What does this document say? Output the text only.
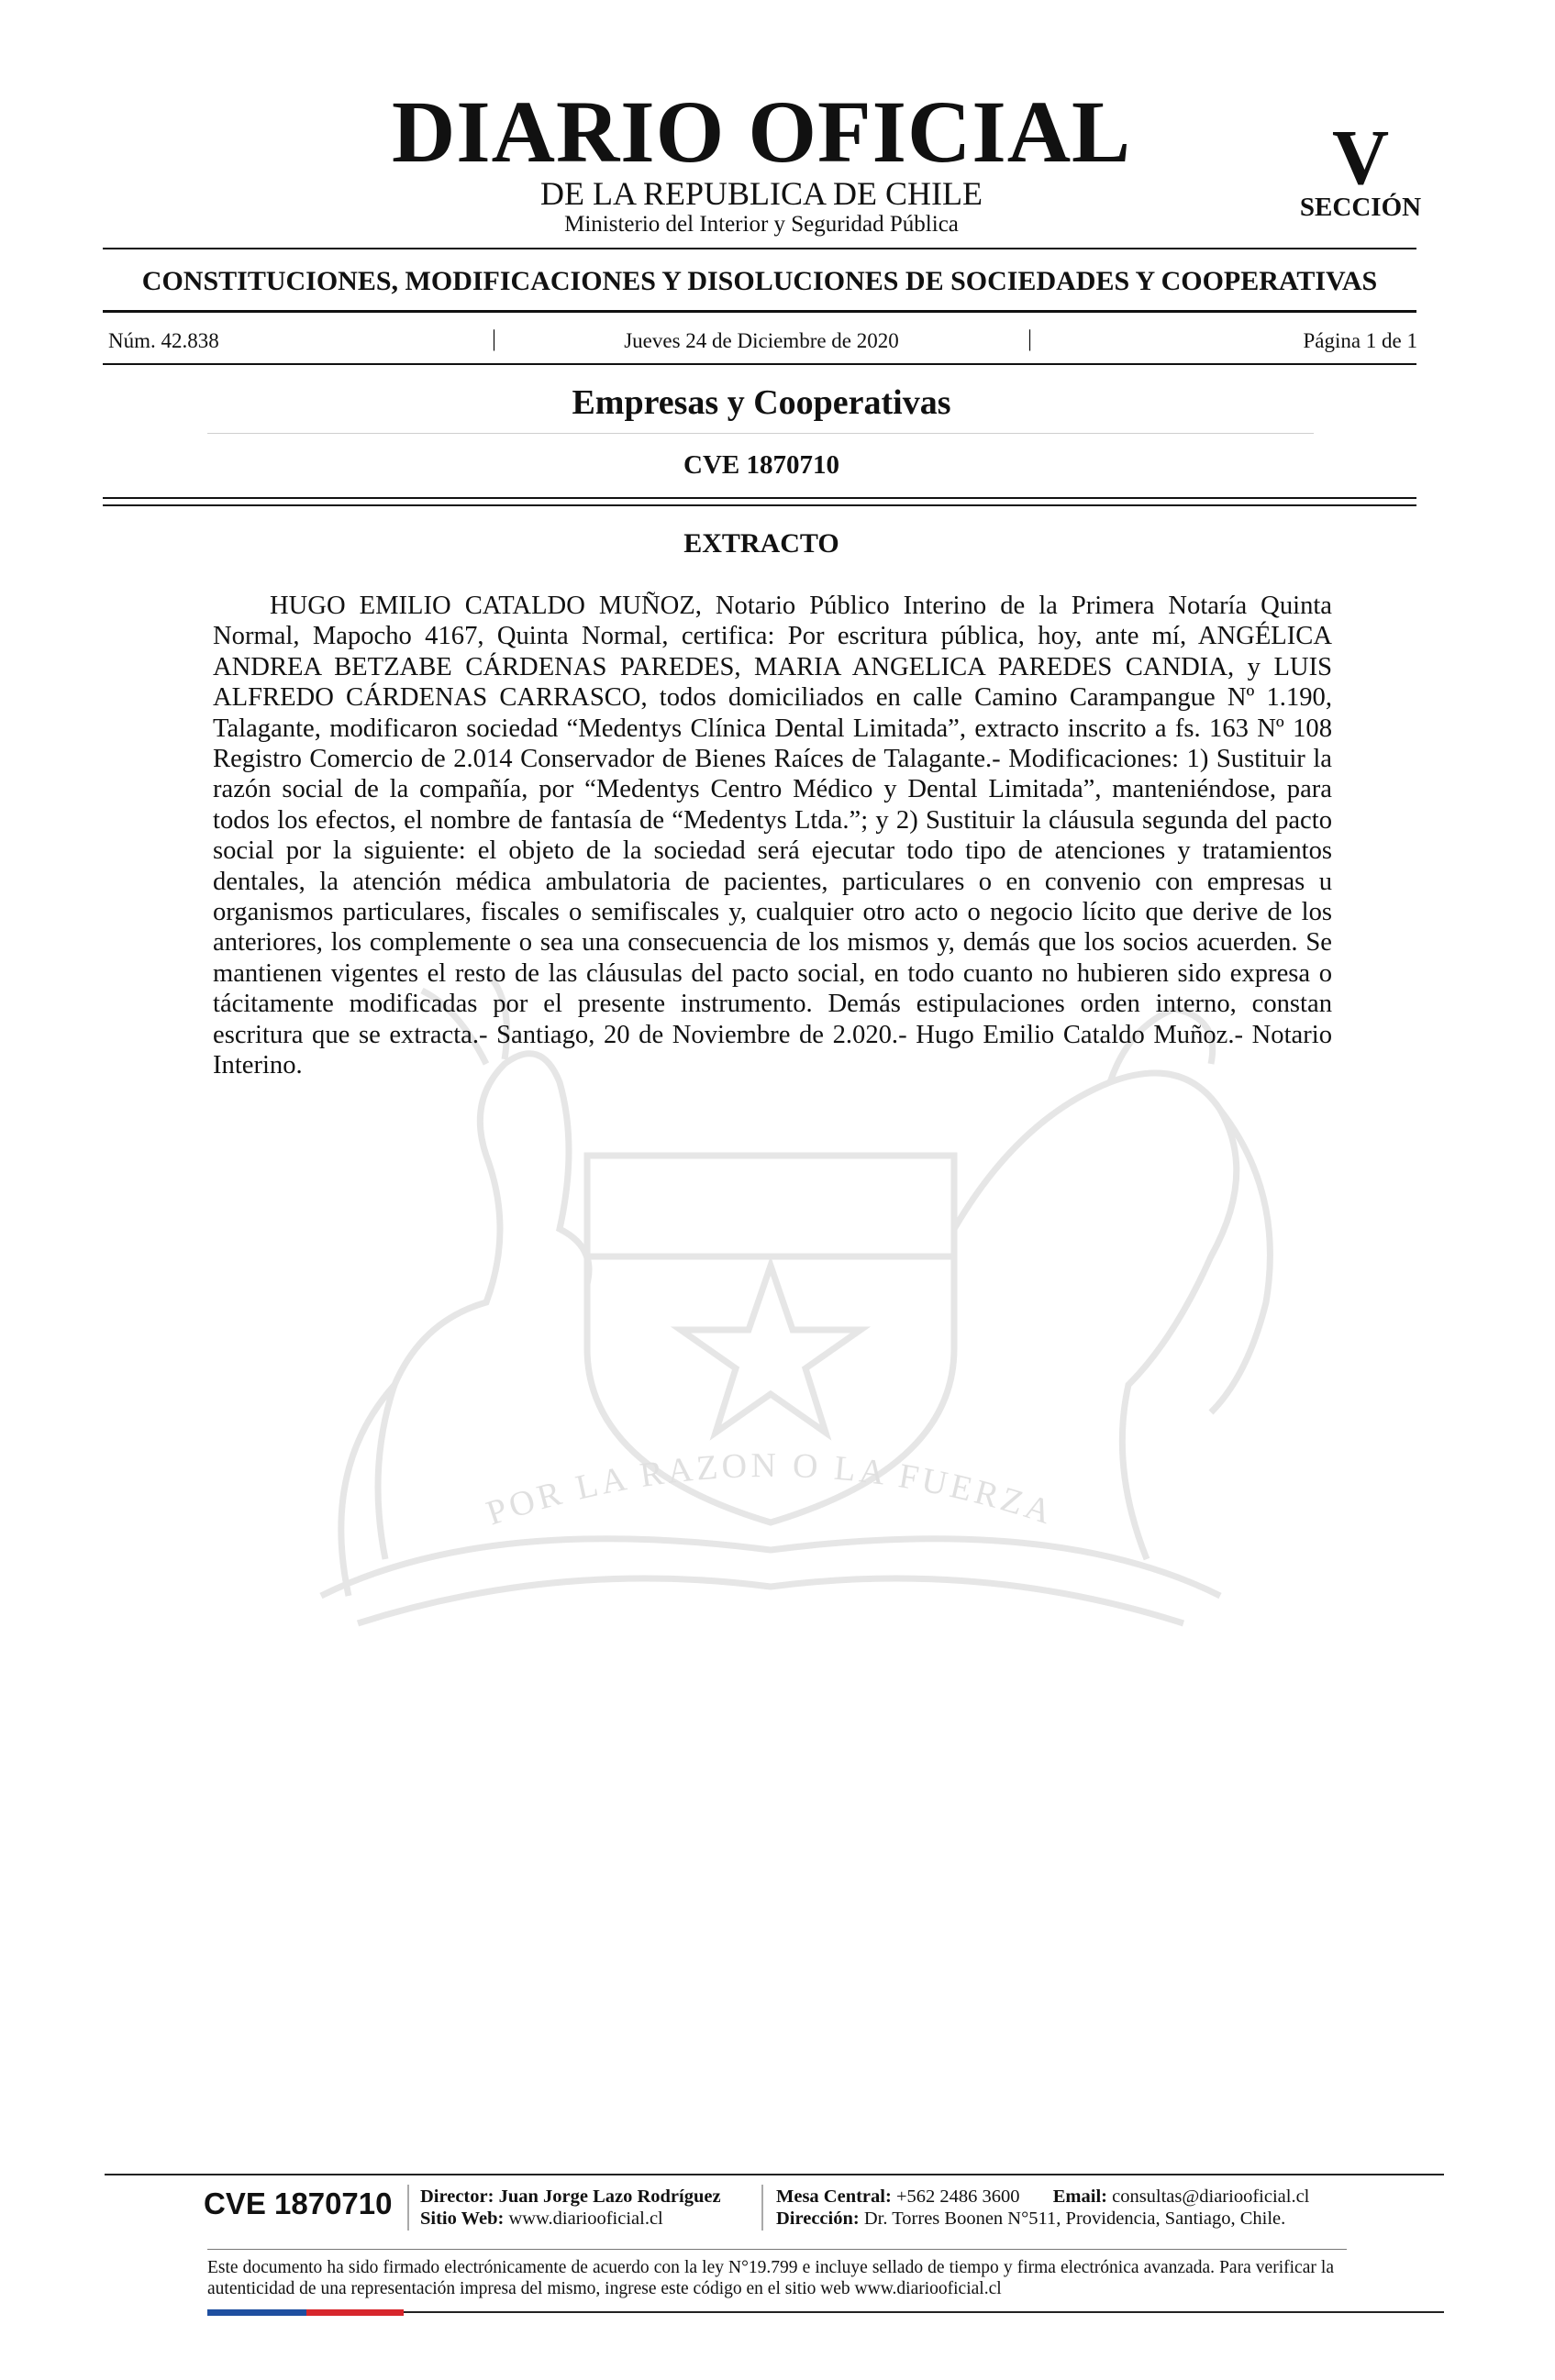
DIARIO OFICIAL
DE LA REPUBLICA DE CHILE
Ministerio del Interior y Seguridad Pública
V
SECCIÓN
CONSTITUCIONES, MODIFICACIONES Y DISOLUCIONES DE SOCIEDADES Y COOPERATIVAS
Núm. 42.838	|	Jueves 24 de Diciembre de 2020	|	Página 1 de 1
Empresas y Cooperativas
CVE 1870710
POR LA RAZON O LA FUERZA
EXTRACTO
HUGO EMILIO CATALDO MUÑOZ, Notario Público Interino de la Primera Notaría Quinta Normal, Mapocho 4167, Quinta Normal, certifica: Por escritura pública, hoy, ante mí, ANGÉLICA ANDREA BETZABE CÁRDENAS PAREDES, MARIA ANGELICA PAREDES CANDIA, y LUIS ALFREDO CÁRDENAS CARRASCO, todos domiciliados en calle Camino Carampangue Nº 1.190, Talagante, modificaron sociedad “Medentys Clínica Dental Limitada”, extracto inscrito a fs. 163 Nº 108 Registro Comercio de 2.014 Conservador de Bienes Raíces de Talagante.- Modificaciones: 1) Sustituir la razón social de la compañía, por “Medentys Centro Médico y Dental Limitada”, manteniéndose, para todos los efectos, el nombre de fantasía de “Medentys Ltda.”; y 2) Sustituir la cláusula segunda del pacto social por la siguiente: el objeto de la sociedad será ejecutar todo tipo de atenciones y tratamientos dentales, la atención médica ambulatoria de pacientes, particulares o en convenio con empresas u organismos particulares, fiscales o semifiscales y, cualquier otro acto o negocio lícito que derive de los anteriores, los complemente o sea una consecuencia de los mismos y, demás que los socios acuerden. Se mantienen vigentes el resto de las cláusulas del pacto social, en todo cuanto no hubieren sido expresa o tácitamente modificadas por el presente instrumento. Demás estipulaciones orden interno, constan escritura que se extracta.- Santiago, 20 de Noviembre de 2.020.- Hugo Emilio Cataldo Muñoz.- Notario Interino.
CVE 1870710 Director: Juan Jorge Lazo Rodríguez
Sitio Web: www.diariooficial.cl
Mesa Central: +562 2486 3600 Email: consultas@diariooficial.cl
Dirección: Dr. Torres Boonen N°511, Providencia, Santiago, Chile.
Este documento ha sido firmado electrónicamente de acuerdo con la ley N°19.799 e incluye sellado de tiempo y firma electrónica avanzada. Para verificar la autenticidad de una representación impresa del mismo, ingrese este código en el sitio web www.diariooficial.cl
